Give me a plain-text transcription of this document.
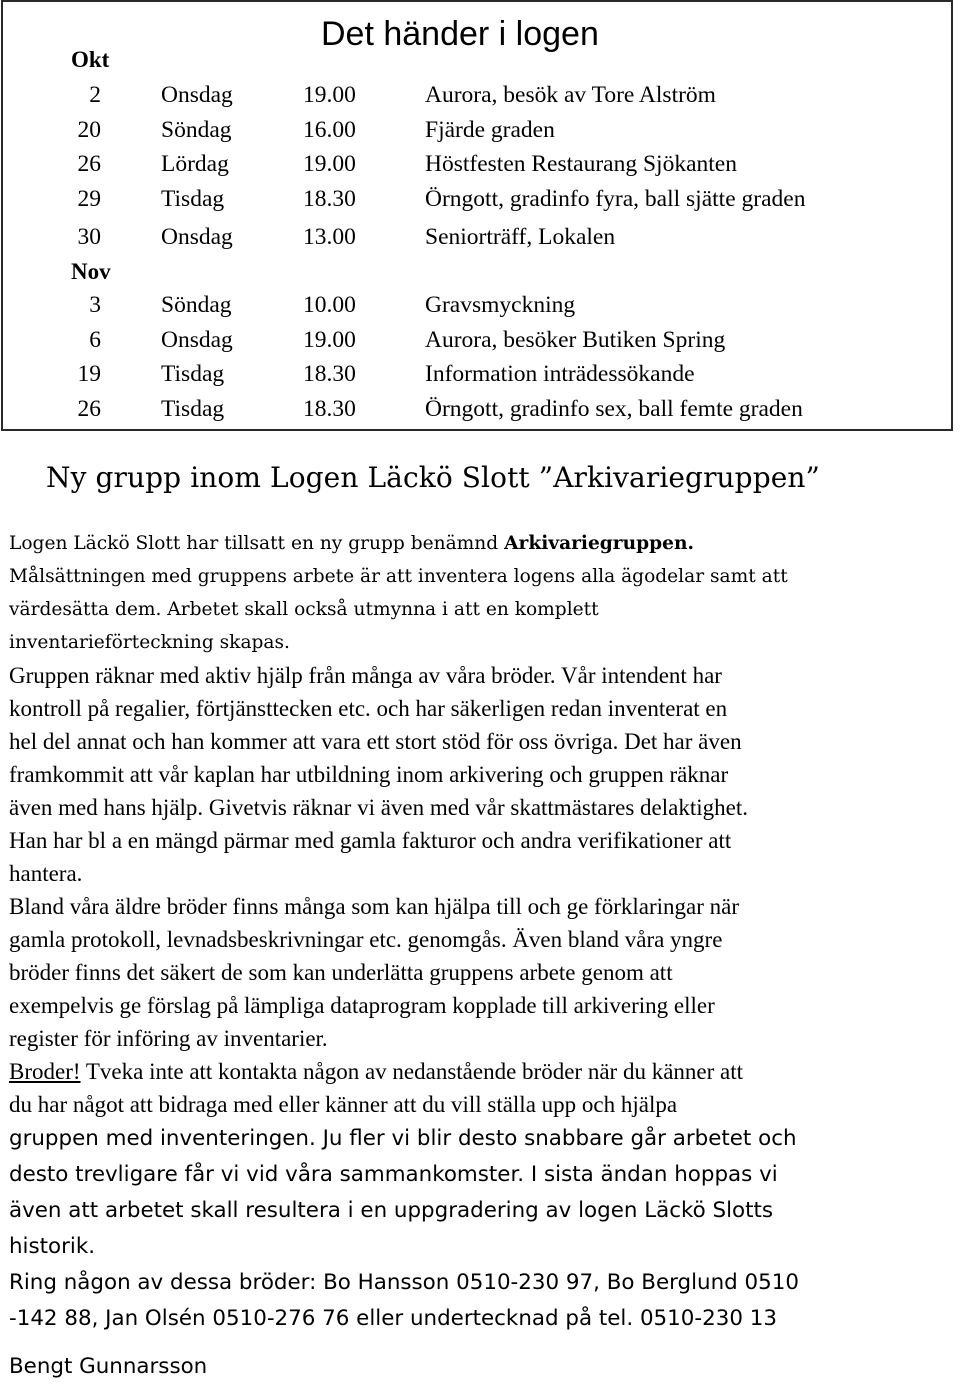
Det händer i logen
Okt
2	Onsdag	19.00	Aurora, besök av Tore Alström
20	Söndag	16.00	Fjärde graden
26	Lördag	19.00	Höstfesten Restaurang Sjökanten
29	Tisdag	18.30	Örngott, gradinfo fyra, ball sjätte graden
30	Onsdag	13.00	Seniorträff, Lokalen
Nov
3	Söndag	10.00	Gravsmyckning
6	Onsdag	19.00	Aurora, besöker Butiken Spring
19	Tisdag	18.30	Information inträdessökande
26	Tisdag	18.30	Örngott, gradinfo sex, ball femte graden
Ny grupp inom Logen Läckö Slott ”Arkivariegruppen”

Logen Läckö Slott har tillsatt en ny grupp benämnd Arkivariegruppen.

Målsättningen med gruppens arbete är att inventera logens alla ägodelar samt att

värdesätta dem. Arbetet skall också utmynna i att en komplett

inventarieförteckning skapas.

Gruppen räknar med aktiv hjälp från många av våra bröder. Vår intendent har

kontroll på regalier, förtjänsttecken etc. och har säkerligen redan inventerat en

hel del annat och han kommer att vara ett stort stöd för oss övriga. Det har även

framkommit att vår kaplan har utbildning inom arkivering och gruppen räknar

även med hans hjälp. Givetvis räknar vi även med vår skattmästares delaktighet.

Han har bl a en mängd pärmar med gamla fakturor och andra verifikationer att

hantera.

Bland våra äldre bröder finns många som kan hjälpa till och ge förklaringar när

gamla protokoll, levnadsbeskrivningar etc. genomgås. Även bland våra yngre

bröder finns det säkert de som kan underlätta gruppens arbete genom att

exempelvis ge förslag på lämpliga dataprogram kopplade till arkivering eller

register för införing av inventarier.

Broder! Tveka inte att kontakta någon av nedanstående bröder när du känner att

du har något att bidraga med eller känner att du vill ställa upp och hjälpa

gruppen med inventeringen. Ju fler vi blir desto snabbare går arbetet och

desto trevligare får vi vid våra sammankomster. I sista ändan hoppas vi

även att arbetet skall resultera i en uppgradering av logen Läckö Slotts

historik.

Ring någon av dessa bröder: Bo Hansson 0510-230 97, Bo Berglund 0510

-142 88, Jan Olsén 0510-276 76 eller undertecknad på tel. 0510-230 13

Bengt Gunnarsson
